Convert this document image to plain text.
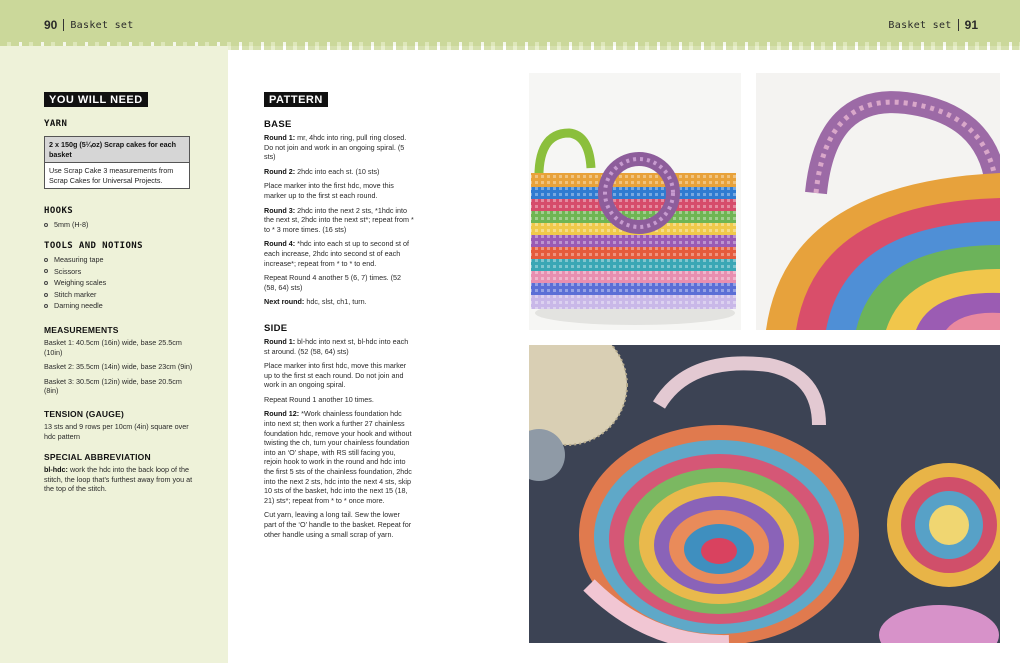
90 Basket set	Basket set 91
YOU WILL NEED
YARN
2 x 150g (5¼oz) Scrap cakes for each basket
Use Scrap Cake 3 measurements from Scrap Cakes for Universal Projects.
HOOKS
5mm (H-8)
TOOLS AND NOTIONS
Measuring tape
Scissors
Weighing scales
Stitch marker
Darning needle
MEASUREMENTS
Basket 1: 40.5cm (16in) wide, base 25.5cm (10in)
Basket 2: 35.5cm (14in) wide, base 23cm (9in)
Basket 3: 30.5cm (12in) wide, base 20.5cm (8in)
TENSION (GAUGE)
13 sts and 9 rows per 10cm (4in) square over hdc pattern
SPECIAL ABBREVIATION
bl-hdc: work the hdc into the back loop of the stitch, the loop that’s furthest away from you at the top of the stitch.
PATTERN
BASE
Round 1: mr, 4hdc into ring, pull ring closed. Do not join and work in an ongoing spiral. (5 sts)
Round 2: 2hdc into each st. (10 sts)
Place marker into the first hdc, move this marker up to the first st each round.
Round 3: 2hdc into the next 2 sts, *1hdc into the next st, 2hdc into the next st*; repeat from * to * 3 more times. (16 sts)
Round 4: *hdc into each st up to second st of each increase, 2hdc into second st of each increase*; repeat from * to * to end.
Repeat Round 4 another 5 (6, 7) times. (52 (58, 64) sts)
Next round: hdc, slst, ch1, turn.
SIDE
Round 1: bl-hdc into next st, bl-hdc into each st around. (52 (58, 64) sts)
Place marker into first hdc, move this marker up to the first st each round. Do not join and work in an ongoing spiral.
Repeat Round 1 another 10 times.
Round 12: *Work chainless foundation hdc into next st; then work a further 27 chainless foundation hdc, remove your hook and without twisting the ch, turn your chainless foundation into an ‘O’ shape, with RS still facing you, rejoin hook to work in the round and hdc into the first 5 sts of the chainless foundation, 2hdc into the next 2 sts, hdc into the next 4 sts, skip 10 sts of the basket, hdc into the next 15 (18, 21) sts*; repeat from * to * once more.
Cut yarn, leaving a long tail. Sew the lower part of the ‘O’ handle to the basket. Repeat for other handle using a small scrap of yarn.
